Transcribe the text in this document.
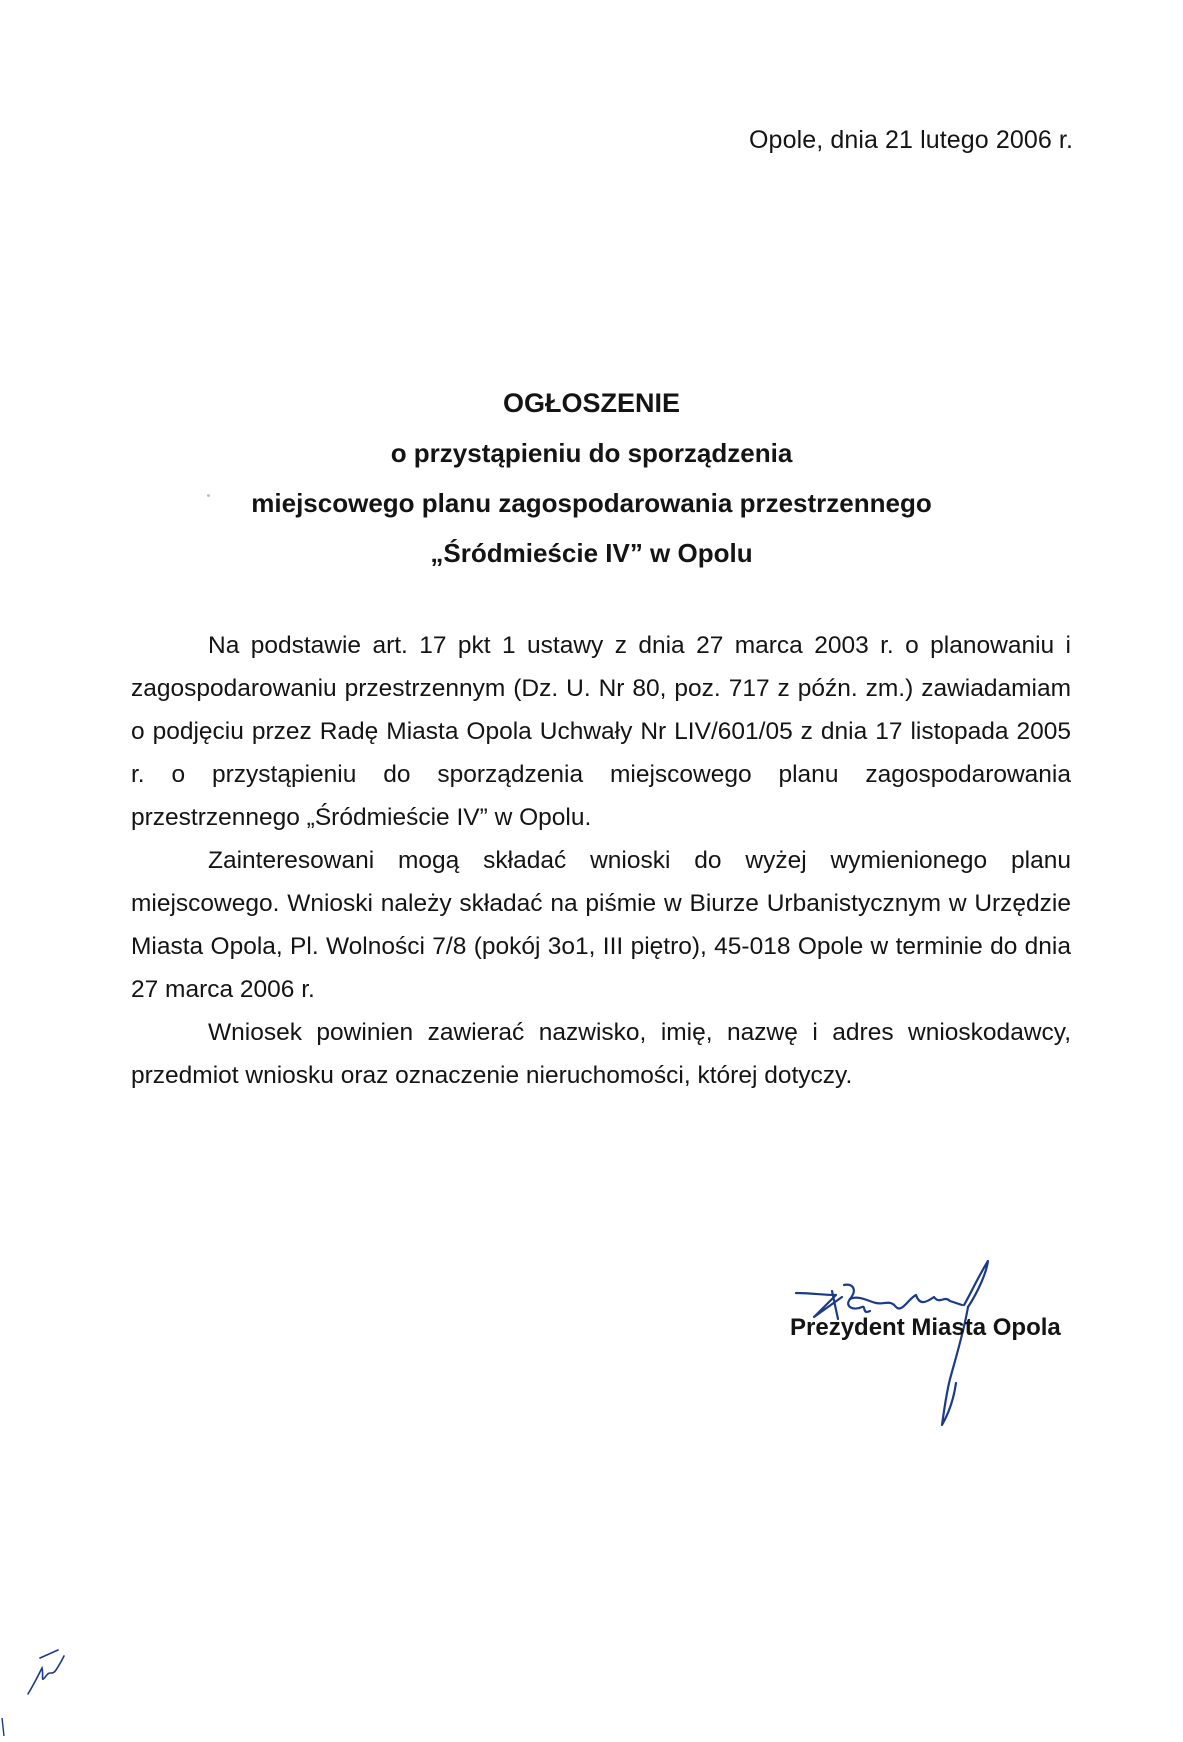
Opole, dnia 21 lutego 2006 r.
OGŁOSZENIE
o przystąpieniu do sporządzenia
miejscowego planu zagospodarowania przestrzennego
„Śródmieście IV” w Opolu

Na podstawie art. 17 pkt 1 ustawy z dnia 27 marca 2003 r. o planowaniu i zagospodarowaniu przestrzennym (Dz. U. Nr 80, poz. 717 z późn. zm.) zawiadamiam o podjęciu przez Radę Miasta Opola Uchwały Nr LIV/601/05 z dnia 17 listopada 2005 r. o przystąpieniu do sporządzenia miejscowego planu zagospodarowania przestrzennego „Śródmieście IV” w Opolu.

Zainteresowani mogą składać wnioski do wyżej wymienionego planu miejscowego. Wnioski należy składać na piśmie w Biurze Urbanistycznym w Urzędzie Miasta Opola, Pl. Wolności 7/8 (pokój 3o1, III piętro), 45-018 Opole w terminie do dnia 27 marca 2006 r.

Wniosek powinien zawierać nazwisko, imię, nazwę i adres wnioskodawcy, przedmiot wniosku oraz oznaczenie nieruchomości, której dotyczy.

Prezydent Miasta Opola
